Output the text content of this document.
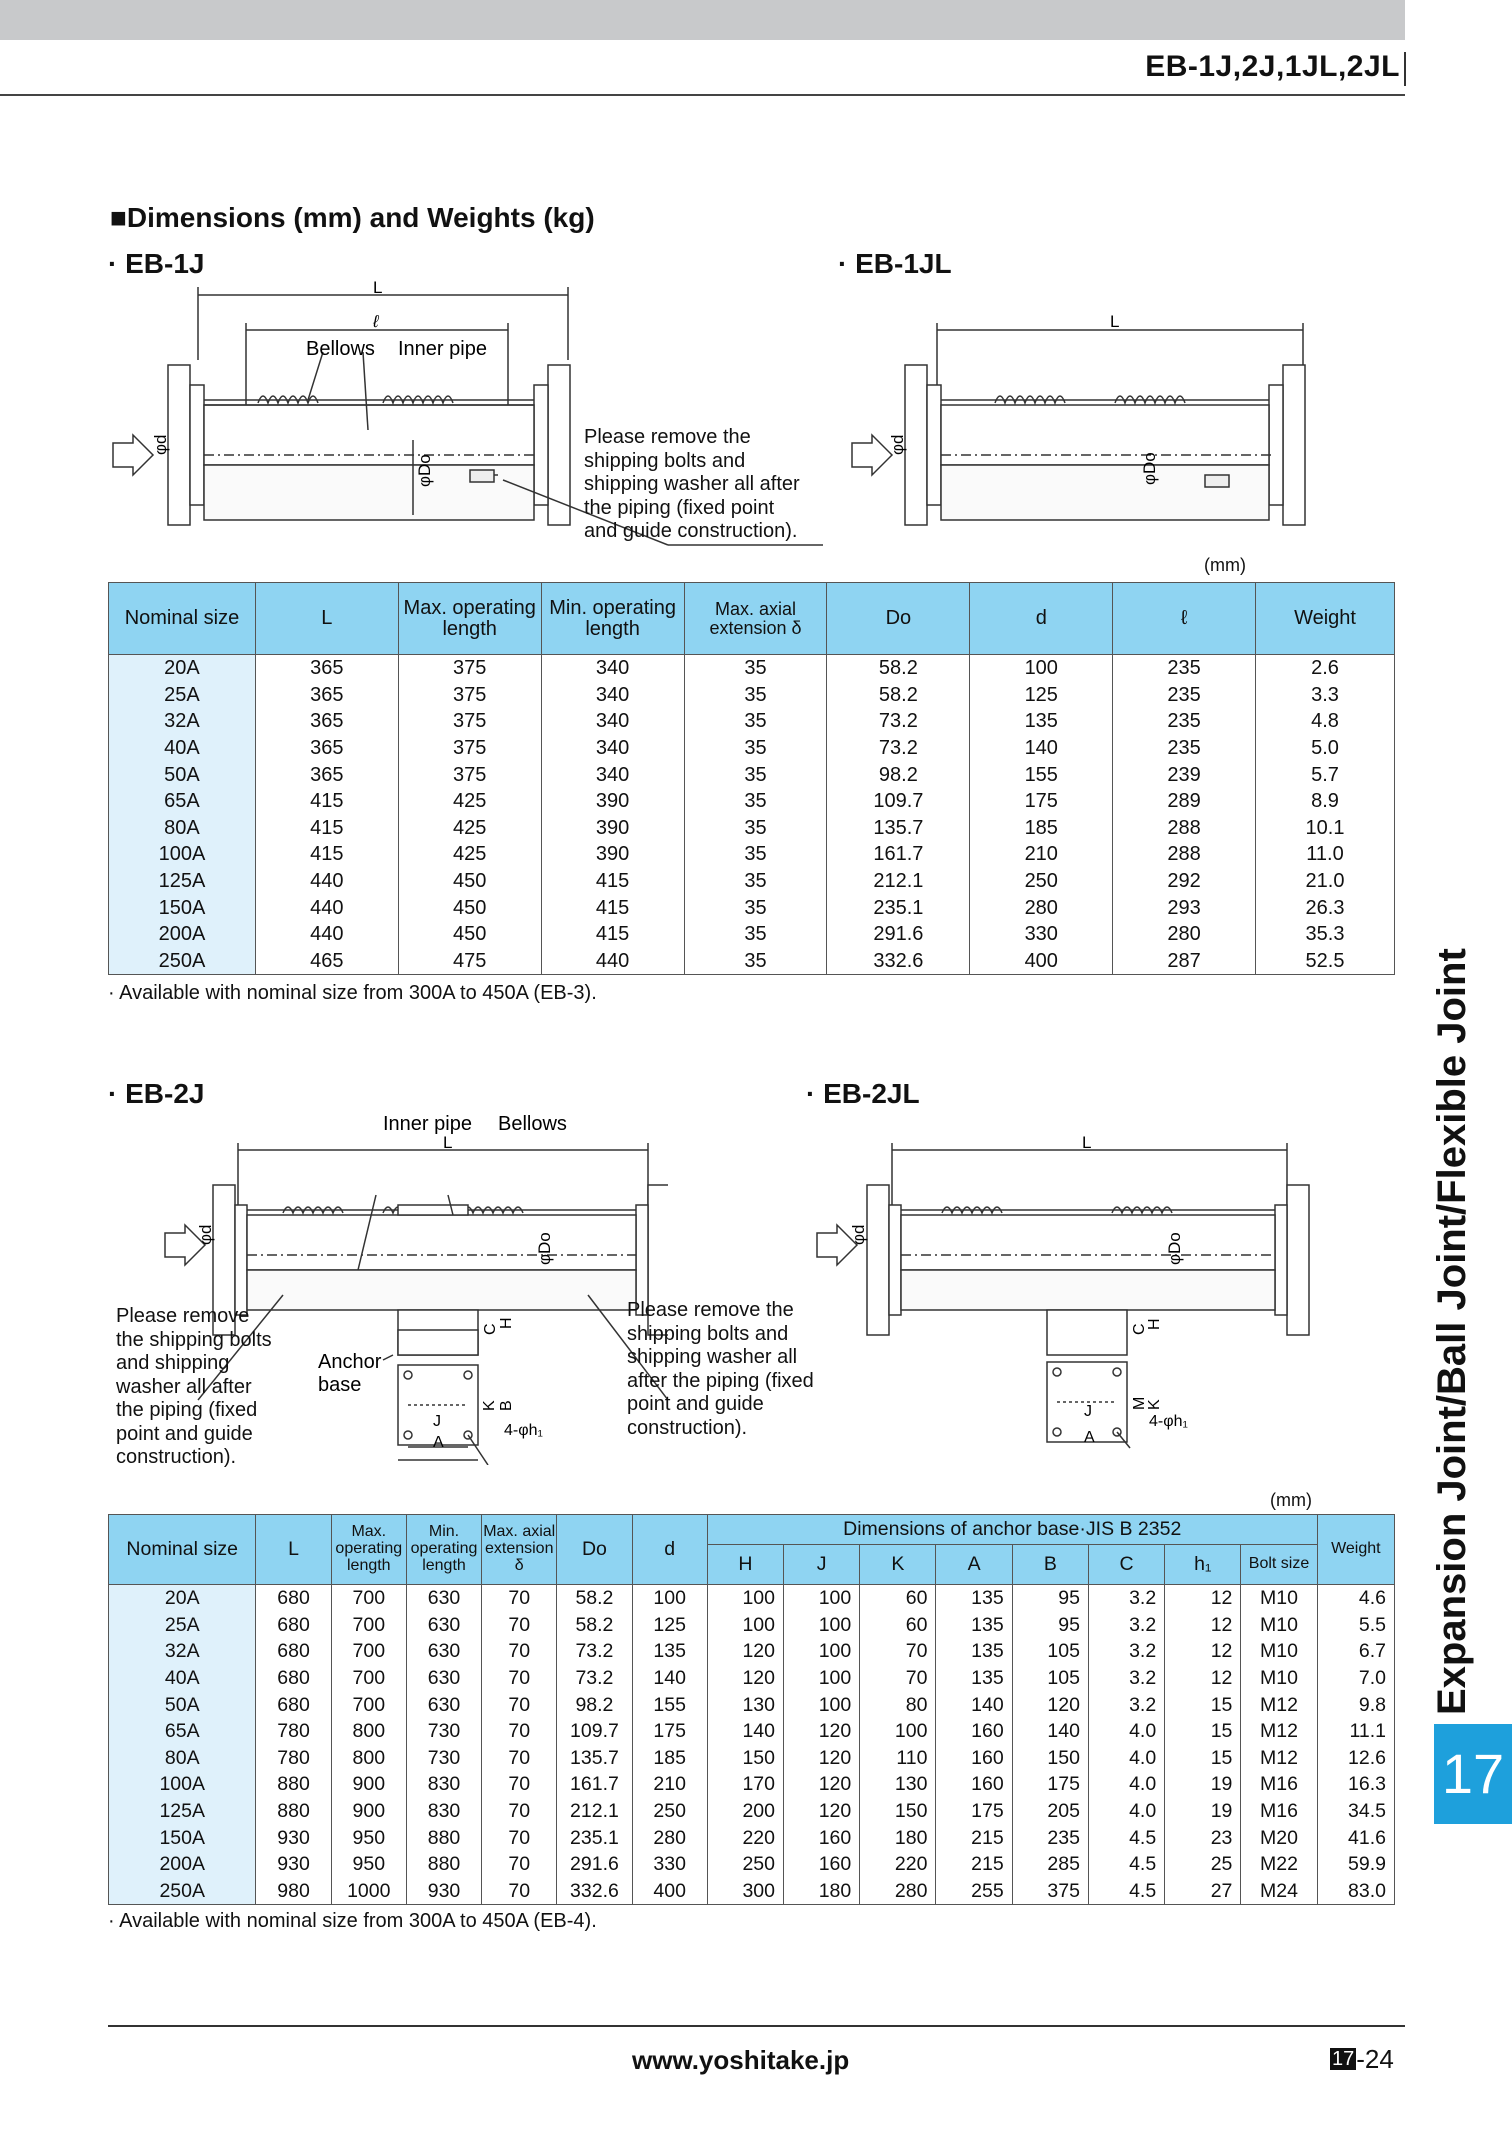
EB-1J,2J,1JL,2JL
■Dimensions (mm) and Weights (kg)
· EB-1J	· EB-1JL
L
ℓ
Bellows Inner pipe
φd
φDo
Please remove the
shipping bolts and
shipping washer all after
the piping (fixed point
and guide construction).
L
φd
φDo
(mm)
Nominal size	L	Max. operating length	Min. operating length	Max. axial extension δ	Do	d	ℓ	Weight
20A	365	375	340	35	58.2	100	235	2.6
25A	365	375	340	35	58.2	125	235	3.3
32A	365	375	340	35	73.2	135	235	4.8
40A	365	375	340	35	73.2	140	235	5.0
50A	365	375	340	35	98.2	155	239	5.7
65A	415	425	390	35	109.7	175	289	8.9
80A	415	425	390	35	135.7	185	288	10.1
100A	415	425	390	35	161.7	210	288	11.0
125A	440	450	415	35	212.1	250	292	21.0
150A	440	450	415	35	235.1	280	293	26.3
200A	440	450	415	35	291.6	330	280	35.3
250A	465	475	440	35	332.6	400	287	52.5
· Available with nominal size from 300A to 450A (EB-3).
· EB-2J	· EB-2JL
Inner pipe Bellows
L
φd	φDo
C
H
K B
J
A
4-φh₁
Anchor
base
Please remove
the shipping bolts
and shipping
washer all after
the piping (fixed
point and guide
construction).
Please remove the
shipping bolts and
shipping washer all
after the piping (fixed
point and guide
construction).
L
φd	φDo
C
H
M
K
J
A
4-φh₁
(mm)
Nominal size	L	Max. operating length	Min. operating length	Max. axial extension δ	Do	d	Dimensions of anchor base·JIS B 2352								Weight
							H	J	K	A	B	C	h₁	Bolt size	
20A	680	700	630	70	58.2	100	100	100	60	135	95	3.2	12	M10	4.6
25A	680	700	630	70	58.2	125	100	100	60	135	95	3.2	12	M10	5.5
32A	680	700	630	70	73.2	135	120	100	70	135	105	3.2	12	M10	6.7
40A	680	700	630	70	73.2	140	120	100	70	135	105	3.2	12	M10	7.0
50A	680	700	630	70	98.2	155	130	100	80	140	120	3.2	15	M12	9.8
65A	780	800	730	70	109.7	175	140	120	100	160	140	4.0	15	M12	11.1
80A	780	800	730	70	135.7	185	150	120	110	160	150	4.0	15	M12	12.6
100A	880	900	830	70	161.7	210	170	120	130	160	175	4.0	19	M16	16.3
125A	880	900	830	70	212.1	250	200	120	150	175	205	4.0	19	M16	34.5
150A	930	950	880	70	235.1	280	220	160	180	215	235	4.5	23	M20	41.6
200A	930	950	880	70	291.6	330	250	160	220	215	285	4.5	25	M22	59.9
250A	980	1000	930	70	332.6	400	300	180	280	255	375	4.5	27	M24	83.0
· Available with nominal size from 300A to 450A (EB-4).
www.yoshitake.jp	17-24
Expansion Joint/Ball Joint/Flexible Joint
17
